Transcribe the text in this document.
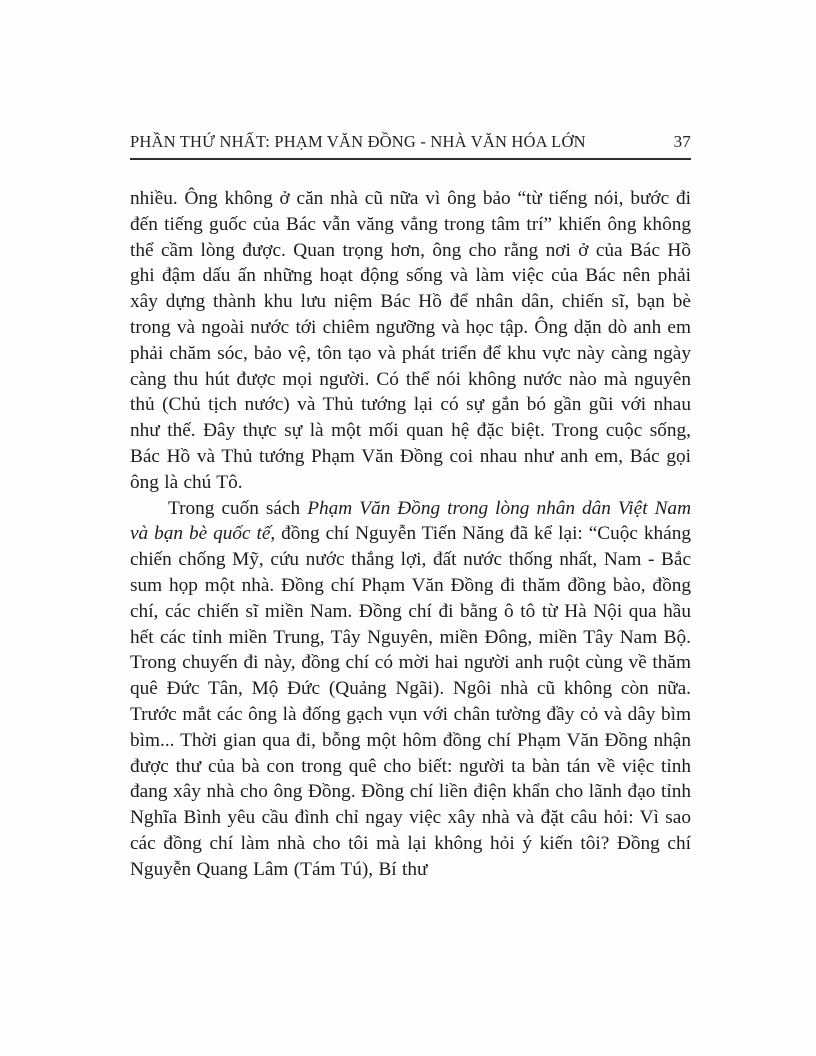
PHẦN THỨ NHẤT: PHẠM VĂN ĐỒNG - NHÀ VĂN HÓA LỚN	37

nhiều. Ông không ở căn nhà cũ nữa vì ông bảo “từ tiếng nói, bước đi đến tiếng guốc của Bác vẫn văng vẳng trong tâm trí” khiến ông không thể cầm lòng được. Quan trọng hơn, ông cho rằng nơi ở của Bác Hồ ghi đậm dấu ấn những hoạt động sống và làm việc của Bác nên phải xây dựng thành khu lưu niệm Bác Hồ để nhân dân, chiến sĩ, bạn bè trong và ngoài nước tới chiêm ngưỡng và học tập. Ông dặn dò anh em phải chăm sóc, bảo vệ, tôn tạo và phát triển để khu vực này càng ngày càng thu hút được mọi người. Có thể nói không nước nào mà nguyên thủ (Chủ tịch nước) và Thủ tướng lại có sự gắn bó gần gũi với nhau như thế. Đây thực sự là một mối quan hệ đặc biệt. Trong cuộc sống, Bác Hồ và Thủ tướng Phạm Văn Đồng coi nhau như anh em, Bác gọi ông là chú Tô.

Trong cuốn sách Phạm Văn Đồng trong lòng nhân dân Việt Nam và bạn bè quốc tế, đồng chí Nguyễn Tiến Năng đã kể lại: “Cuộc kháng chiến chống Mỹ, cứu nước thắng lợi, đất nước thống nhất, Nam - Bắc sum họp một nhà. Đồng chí Phạm Văn Đồng đi thăm đồng bào, đồng chí, các chiến sĩ miền Nam. Đồng chí đi bằng ô tô từ Hà Nội qua hầu hết các tỉnh miền Trung, Tây Nguyên, miền Đông, miền Tây Nam Bộ. Trong chuyến đi này, đồng chí có mời hai người anh ruột cùng về thăm quê Đức Tân, Mộ Đức (Quảng Ngãi). Ngôi nhà cũ không còn nữa. Trước mắt các ông là đống gạch vụn với chân tường đầy cỏ và dây bìm bìm... Thời gian qua đi, bỗng một hôm đồng chí Phạm Văn Đồng nhận được thư của bà con trong quê cho biết: người ta bàn tán về việc tỉnh đang xây nhà cho ông Đồng. Đồng chí liền điện khẩn cho lãnh đạo tỉnh Nghĩa Bình yêu cầu đình chỉ ngay việc xây nhà và đặt câu hỏi: Vì sao các đồng chí làm nhà cho tôi mà lại không hỏi ý kiến tôi? Đồng chí Nguyễn Quang Lâm (Tám Tú), Bí thư
